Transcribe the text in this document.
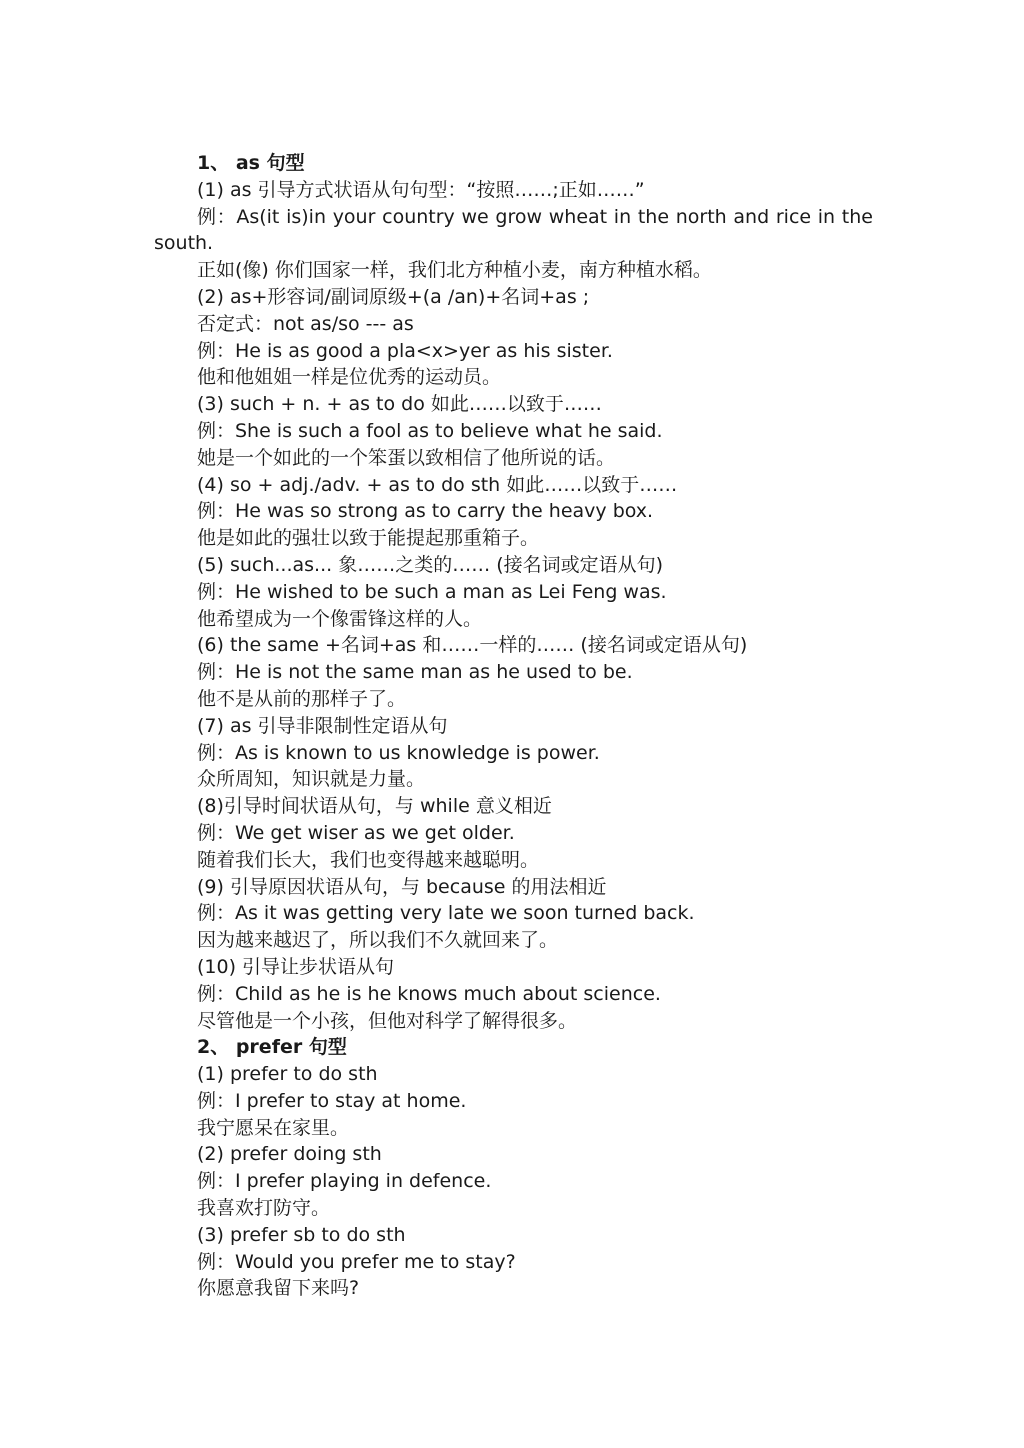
1、 as 句型
(1) as 引导方式状语从句句型：“按照……;正如……”
例：As(it is)in your country we grow wheat in the north and rice in the
south.
正如(像) 你们国家一样，我们北方种植小麦，南方种植水稻。
(2) as+形容词/副词原级+(a /an)+名词+as ;
否定式：not as/so --- as
例：He is as good a pla<x>yer as his sister.
他和他姐姐一样是位优秀的运动员。
(3) such + n. + as to do 如此……以致于……
例：She is such a fool as to believe what he said.
她是一个如此的一个笨蛋以致相信了他所说的话。
(4) so + adj./adv. + as to do sth 如此……以致于……
例：He was so strong as to carry the heavy box.
他是如此的强壮以致于能提起那重箱子。
(5) such...as... 象……之类的…… (接名词或定语从句)
例：He wished to be such a man as Lei Feng was.
他希望成为一个像雷锋这样的人。
(6) the same +名词+as 和……一样的…… (接名词或定语从句)
例：He is not the same man as he used to be.
他不是从前的那样子了。
(7) as 引导非限制性定语从句
例：As is known to us knowledge is power.
众所周知，知识就是力量。
(8)引导时间状语从句，与 while 意义相近
例：We get wiser as we get older.
随着我们长大，我们也变得越来越聪明。
(9) 引导原因状语从句，与 because 的用法相近
例：As it was getting very late we soon turned back.
因为越来越迟了，所以我们不久就回来了。
(10) 引导让步状语从句
例：Child as he is he knows much about science.
尽管他是一个小孩，但他对科学了解得很多。
2、 prefer 句型
(1) prefer to do sth
例：I prefer to stay at home.
我宁愿呆在家里。
(2) prefer doing sth
例：I prefer playing in defence.
我喜欢打防守。
(3) prefer sb to do sth
例：Would you prefer me to stay?
你愿意我留下来吗?
